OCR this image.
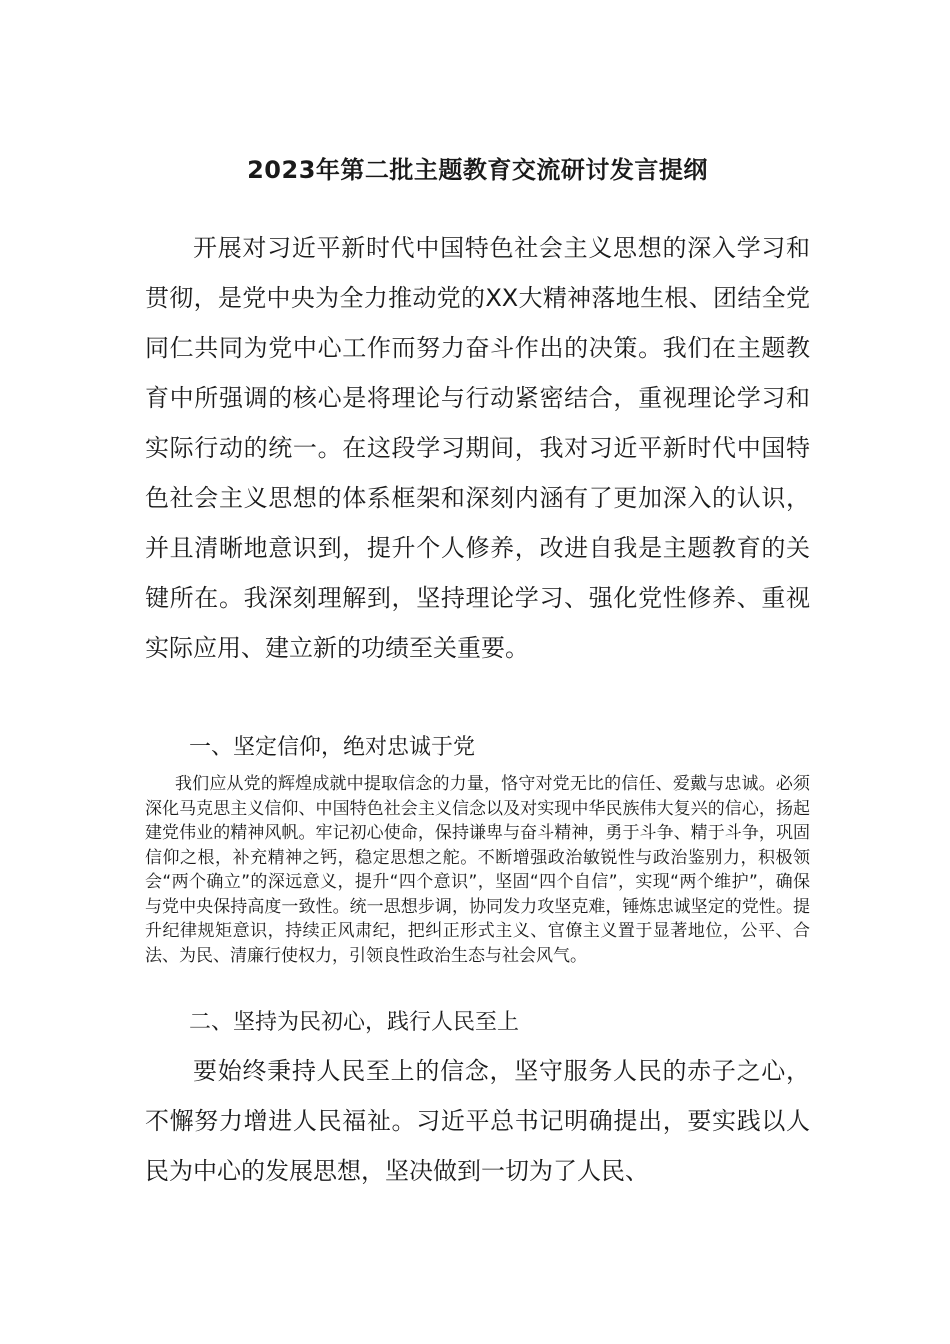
2023年第二批主题教育交流研讨发言提纲

开展对习近平新时代中国特色社会主义思想的深入学习和贯彻，是党中央为全力推动党的XX大精神落地生根、团结全党同仁共同为党中心工作而努力奋斗作出的决策。我们在主题教育中所强调的核心是将理论与行动紧密结合，重视理论学习和实际行动的统一。在这段学习期间，我对习近平新时代中国特色社会主义思想的体系框架和深刻内涵有了更加深入的认识，并且清晰地意识到，提升个人修养，改进自我是主题教育的关键所在。我深刻理解到，坚持理论学习、强化党性修养、重视实际应用、建立新的功绩至关重要。

一、坚定信仰，绝对忠诚于党

我们应从党的辉煌成就中提取信念的力量，恪守对党无比的信任、爱戴与忠诚。必须深化马克思主义信仰、中国特色社会主义信念以及对实现中华民族伟大复兴的信心，扬起建党伟业的精神风帆。牢记初心使命，保持谦卑与奋斗精神，勇于斗争、精于斗争，巩固信仰之根，补充精神之钙，稳定思想之舵。不断增强政治敏锐性与政治鉴别力，积极领会“两个确立”的深远意义，提升“四个意识”，坚固“四个自信”，实现“两个维护”，确保与党中央保持高度一致性。统一思想步调，协同发力攻坚克难，锤炼忠诚坚定的党性。提升纪律规矩意识，持续正风肃纪，把纠正形式主义、官僚主义置于显著地位，公平、合法、为民、清廉行使权力，引领良性政治生态与社会风气。

二、坚持为民初心，践行人民至上

要始终秉持人民至上的信念，坚守服务人民的赤子之心，不懈努力增进人民福祉。习近平总书记明确提出，要实践以人民为中心的发展思想，坚决做到一切为了人民、
